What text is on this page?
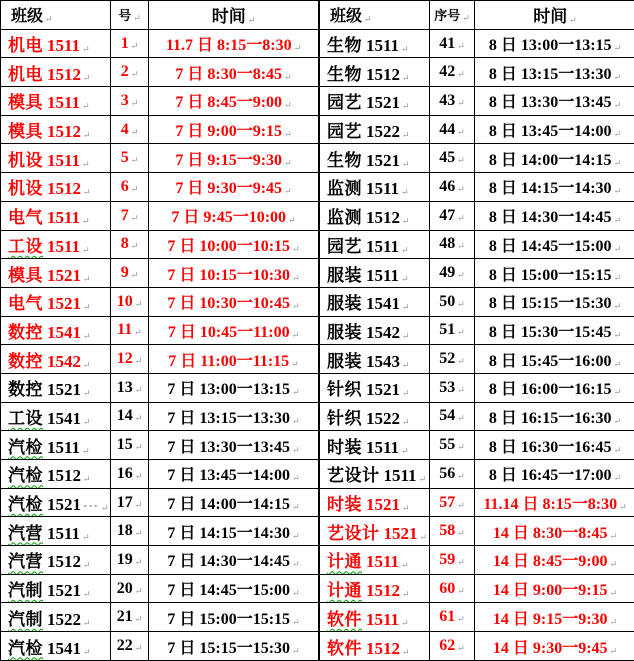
班级 ↵	号 ↵	时间 ↵
机电 1511 ↵	1 ↵	11.7 日 8:15一8:30 ↵
机电 1512 ↵	2 ↵	7 日 8:30一8:45 ↵
模具 1511 ↵	3 ↵	7 日 8:45一9:00 ↵
模具 1512 ↵	4 ↵	7 日 9:00一9:15 ↵
机设 1511 ↵	5 ↵	7 日 9:15一9:30 ↵
机设 1512 ↵	6 ↵	7 日 9:30一9:45 ↵
电气 1511 ↵	7 ↵	7 日 9:45一10:00 ↵
工设 1511 ↵	8 ↵	7 日 10:00一10:15 ↵
模具 1521 ↵	9 ↵	7 日 10:15一10:30 ↵
电气 1521 ↵	10 ↵	7 日 10:30一10:45 ↵
数控 1541 ↵	11 ↵	7 日 10:45一11:00 ↵
数控 1542 ↵	12 ↵	7 日 11:00一11:15 ↵
数控 1521 ↵	13 ↵	7 日 13:00一13:15 ↵
工设 1541 ↵	14 ↵	7 日 13:15一13:30 ↵
汽检 1511 ↵	15 ↵	7 日 13:30一13:45 ↵
汽检 1512 ↵	16 ↵	7 日 13:45一14:00 ↵
汽检 1521 ··· ↵	17 ↵	7 日 14:00一14:15 ↵
汽营 1511 ↵	18 ↵	7 日 14:15一14:30 ↵
汽营 1512 ↵	19 ↵	7 日 14:30一14:45 ↵
汽制 1521 ↵	20 ↵	7 日 14:45一15:00 ↵
汽制 1522 ↵	21 ↵	7 日 15:00一15:15 ↵
汽检 1541 ↵	22 ↵	7 日 15:15一15:30 ↵
班级 ↵	序号 ↵	时间 ↵
生物 1511 ↵	41 ↵	8 日 13:00一13:15 ↵
生物 1512 ↵	42 ↵	8 日 13:15一13:30 ↵
园艺 1521 ↵	43 ↵	8 日 13:30一13:45 ↵
园艺 1522 ↵	44 ↵	8 日 13:45一14:00 ↵
生物 1521 ↵	45 ↵	8 日 14:00一14:15 ↵
监测 1511 ↵	46 ↵	8 日 14:15一14:30 ↵
监测 1512 ↵	47 ↵	8 日 14:30一14:45 ↵
园艺 1511 ↵	48 ↵	8 日 14:45一15:00 ↵
服装 1511 ↵	49 ↵	8 日 15:00一15:15 ↵
服装 1541 ↵	50 ↵	8 日 15:15一15:30 ↵
服装 1542 ↵	51 ↵	8 日 15:30一15:45 ↵
服装 1543 ↵	52 ↵	8 日 15:45一16:00 ↵
针织 1521 ↵	53 ↵	8 日 16:00一16:15 ↵
针织 1522 ↵	54 ↵	8 日 16:15一16:30 ↵
时装 1511 ↵	55 ↵	8 日 16:30一16:45 ↵
艺设计 1511 ↵	56 ↵	8 日 16:45一17:00 ↵
时装 1521 ↵	57 ↵	11.14 日 8:15一8:30 ↵
艺设计 1521 ↵	58 ↵	14 日 8:30一8:45 ↵
计通 1511 ↵	59 ↵	14 日 8:45一9:00 ↵
计通 1512 ↵	60 ↵	14 日 9:00一9:15 ↵
软件 1511 ↵	61 ↵	14 日 9:15一9:30 ↵
软件 1512 ↵	62 ↵	14 日 9:30一9:45 ↵
